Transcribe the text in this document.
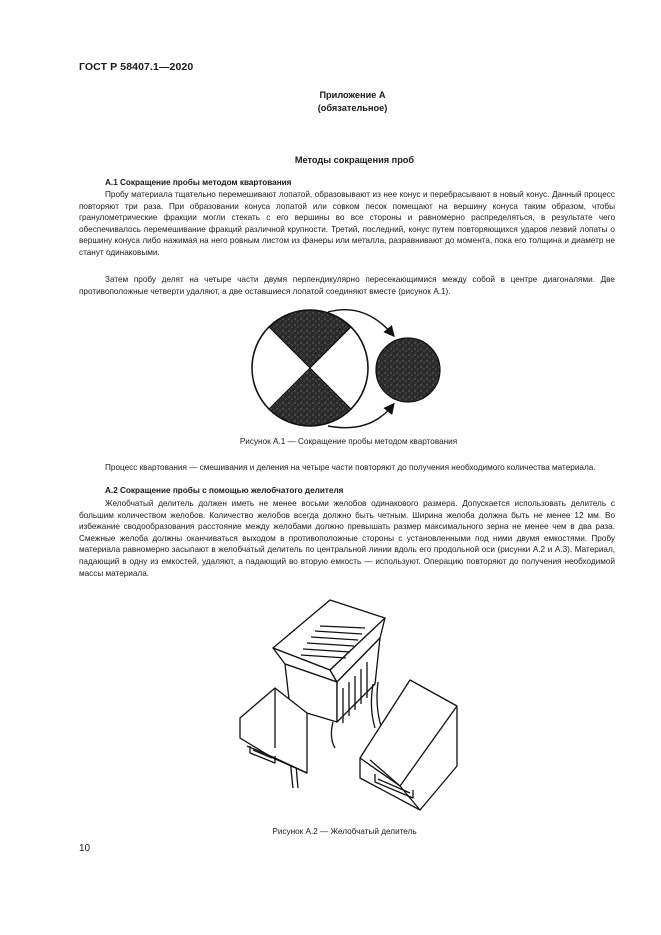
ГОСТ Р 58407.1—2020
Приложение А
(обязательное)
Методы сокращения проб
А.1 Сокращение пробы методом квартования

Пробу материала тщательно перемешивают лопатой, образовывают из нее конус и перебрасывают в новый конус. Данный процесс повторяют три раза. При образовании конуса лопатой или совком песок помещают на вершину конуса таким образом, чтобы гранулометрические фракции могли стекать с его вершины во все стороны и равномерно распределяться, в результате чего обеспечивалось перемешивание фракций различной крупности. Третий, последний, конус путем повторяющихся ударов лезвий лопаты о вершину конуса либо нажимая на него ровным листом из фанеры или металла, разравнивают до момента, пока его толщина и диаметр не станут одинаковыми.

Затем пробу делят на четыре части двумя перпендикулярно пересекающимися между собой в центре диагоналями. Две противоположные четверти удаляют, а две оставшиеся лопатой соединяют вместе (рисунок А.1).

Рисунок А.1 — Сокращение пробы методом квартования

Процесс квартования — смешивания и деления на четыре части повторяют до получения необходимого количества материала.

А.2 Сокращение пробы с помощью желобчатого делителя

Желобчатый делитель должен иметь не менее восьми желобов одинакового размера. Допускается использовать делитель с большим количеством желобов. Количество желобов всегда должно быть четным. Ширина желоба должна быть не менее 12 мм. Во избежание сводообразования расстояние между желобами должно превышать размер максимального зерна не менее чем в два раза. Смежные желоба должны оканчиваться выходом в противоположные стороны с установленными под ними двумя емкостями. Пробу материала равномерно засыпают в желобчатый делитель по центральной линии вдоль его продольной оси (рисунки А.2 и А.3). Материал, падающий в одну из емкостей, удаляют, а падающий во вторую емкость — используют. Операцию повторяют до получения необходимой массы материала.

Рисунок А.2 — Желобчатый делитель
10
